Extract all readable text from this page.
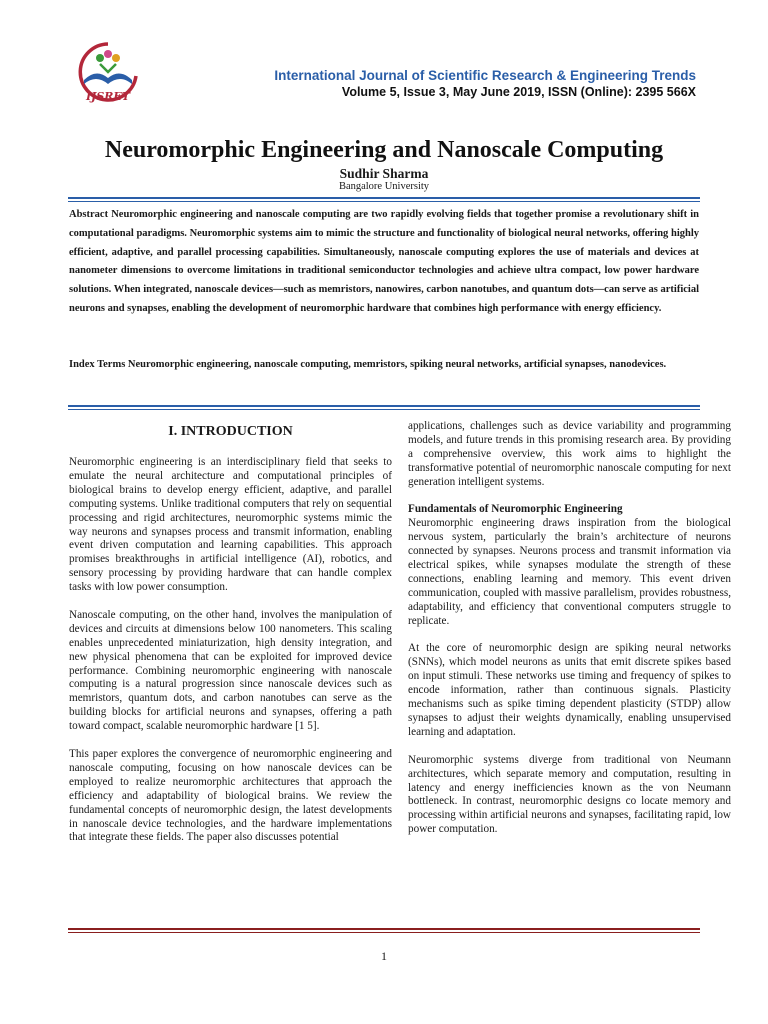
IJSRET
International Journal of Scientific Research & Engineering Trends
Volume 5, Issue 3, May June 2019, ISSN (Online): 2395 566X
Neuromorphic Engineering and Nanoscale Computing
Sudhir Sharma
Bangalore University

Abstract Neuromorphic engineering and nanoscale computing are two rapidly evolving fields that together promise a revolutionary shift in computational paradigms. Neuromorphic systems aim to mimic the structure and functionality of biological neural networks, offering highly efficient, adaptive, and parallel processing capabilities. Simultaneously, nanoscale computing explores the use of materials and devices at nanometer dimensions to overcome limitations in traditional semiconductor technologies and achieve ultra compact, low power hardware solutions. When integrated, nanoscale devices—such as memristors, nanowires, carbon nanotubes, and quantum dots—can serve as artificial neurons and synapses, enabling the development of neuromorphic hardware that combines high performance with energy efficiency.

Index Terms Neuromorphic engineering, nanoscale computing, memristors, spiking neural networks, artificial synapses, nanodevices.

I. INTRODUCTION

Neuromorphic engineering is an interdisciplinary field that seeks to emulate the neural architecture and computational principles of biological brains to develop energy efficient, adaptive, and parallel computing systems. Unlike traditional computers that rely on sequential processing and rigid architectures, neuromorphic systems mimic the way neurons and synapses process and transmit information, enabling event driven computation and learning capabilities. This approach promises breakthroughs in artificial intelligence (AI), robotics, and sensory processing by providing hardware that can handle complex tasks with low power consumption.

Nanoscale computing, on the other hand, involves the manipulation of devices and circuits at dimensions below 100 nanometers. This scaling enables unprecedented miniaturization, high density integration, and new physical phenomena that can be exploited for improved device performance. Combining neuromorphic engineering with nanoscale computing is a natural progression since nanoscale devices such as memristors, quantum dots, and carbon nanotubes can serve as the building blocks for artificial neurons and synapses, offering a path toward compact, scalable neuromorphic hardware [1 5].

This paper explores the convergence of neuromorphic engineering and nanoscale computing, focusing on how nanoscale devices can be employed to realize neuromorphic architectures that approach the efficiency and adaptability of biological brains. We review the fundamental concepts of neuromorphic design, the latest developments in nanoscale device technologies, and the hardware implementations that integrate these fields. The paper also discusses potential

applications, challenges such as device variability and programming models, and future trends in this promising research area. By providing a comprehensive overview, this work aims to highlight the transformative potential of neuromorphic nanoscale computing for next generation intelligent systems.

Fundamentals of Neuromorphic Engineering

Neuromorphic engineering draws inspiration from the biological nervous system, particularly the brain’s architecture of neurons connected by synapses. Neurons process and transmit information via electrical spikes, while synapses modulate the strength of these connections, enabling learning and memory. This event driven communication, coupled with massive parallelism, provides robustness, adaptability, and efficiency that conventional computers struggle to replicate.

At the core of neuromorphic design are spiking neural networks (SNNs), which model neurons as units that emit discrete spikes based on input stimuli. These networks use timing and frequency of spikes to encode information, rather than continuous signals. Plasticity mechanisms such as spike timing dependent plasticity (STDP) allow synapses to adjust their weights dynamically, enabling unsupervised learning and adaptation.

Neuromorphic systems diverge from traditional von Neumann architectures, which separate memory and computation, resulting in latency and energy inefficiencies known as the von Neumann bottleneck. In contrast, neuromorphic designs co locate memory and processing within artificial neurons and synapses, facilitating rapid, low power computation.

1
